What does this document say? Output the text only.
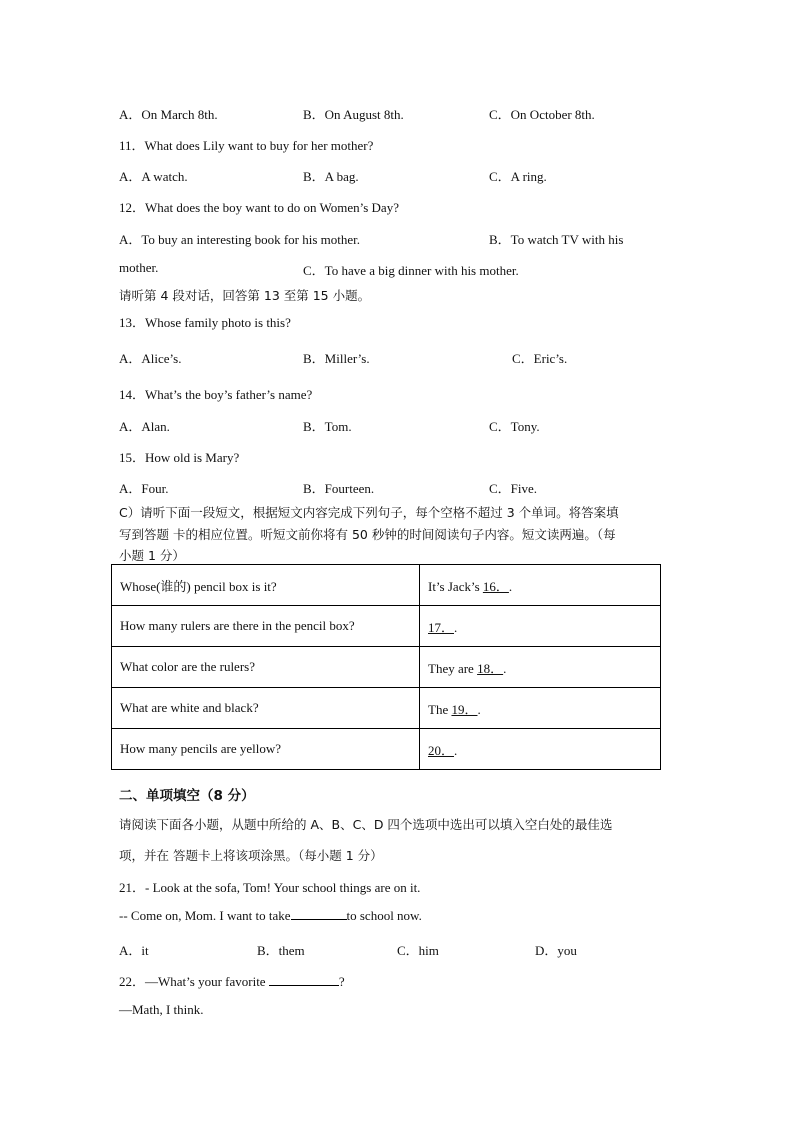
A．On March 8th.	B．On August 8th.	C．On October 8th.
11．What does Lily want to buy for her mother?
A．A watch.	B．A bag.	C．A ring.
12．What does the boy want to do on Women’s Day?
A．To buy an interesting book for his mother.	B．To watch TV with his
mother.	C．To have a big dinner with his mother.
请听第 4 段对话，回答第 13 至第 15 小题。
13．Whose family photo is this?
A．Alice’s.	B．Miller’s.	C．Eric’s.
14．What’s the boy’s father’s name?
A．Alan.	B．Tom.	C．Tony.
15．How old is Mary?
A．Four.	B．Fourteen.	C．Five.
C）请听下面一段短文，根据短文内容完成下列句子，每个空格不超过 3 个单词。将答案填
写到答题 卡的相应位置。听短文前你将有 50 秒钟的时间阅读句子内容。短文读两遍。（每
小题 1 分）
Whose(谁的) pencil box is it?	It’s Jack’s 16．.
How many rulers are there in the pencil box?	17．.
What color are the rulers?	They are 18．.
What are white and black?	The 19．.
How many pencils are yellow?	20．.
二、单项填空（8 分）
请阅读下面各小题，从题中所给的 A、B、C、D 四个选项中选出可以填入空白处的最佳选
项，并在 答题卡上将该项涂黑。（每小题 1 分）
21．- Look at the sofa, Tom! Your school things are on it.
-- Come on, Mom. I want to take	to school now.
A．it	B．them	C．him	D．you
22．—What’s your favorite	?
—Math, I think.
